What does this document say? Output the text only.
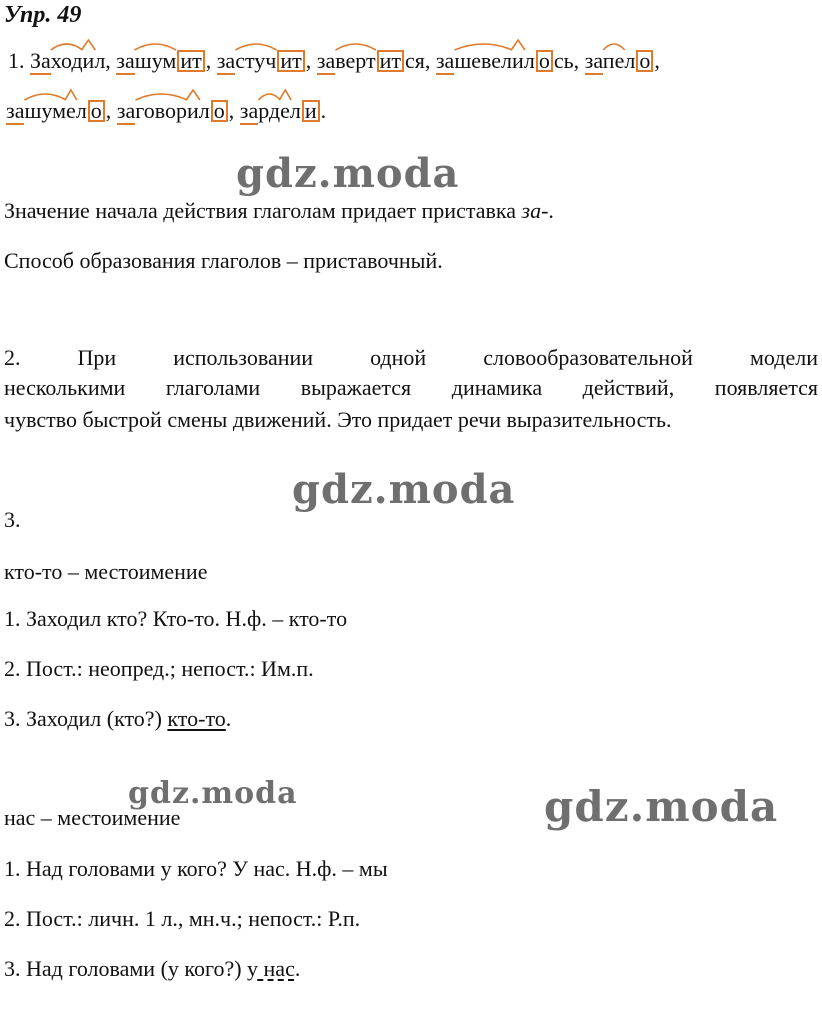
Упр. 49
1. Заходил
, зашум ит , застуч ит , заверт ит ся
, зашевелил о сь
, запел о ,
зашумел о , заговорил о , зардел и .
gdz.moda
Значение начала действия глаголам придает приставка за-.
Способ образования глаголов – приставочный.
2. При использовании одной словообразовательной модели
несколькими глаголами выражается динамика действий, появляется
чувство быстрой смены движений. Это придает речи выразительность.
gdz.moda
3.
кто-то – местоимение
1. Заходил кто? Кто-то. Н.ф. – кто-то
2. Пост.: неопред.; непост.: Им.п.
3. Заходил (кто?) кто-то.
gdz.moda	gdz.moda
нас – местоимение
1. Над головами у кого? У нас. Н.ф. – мы
2. Пост.: личн. 1 л., мн.ч.; непост.: Р.п.
3. Над головами (у кого?) у нас.
